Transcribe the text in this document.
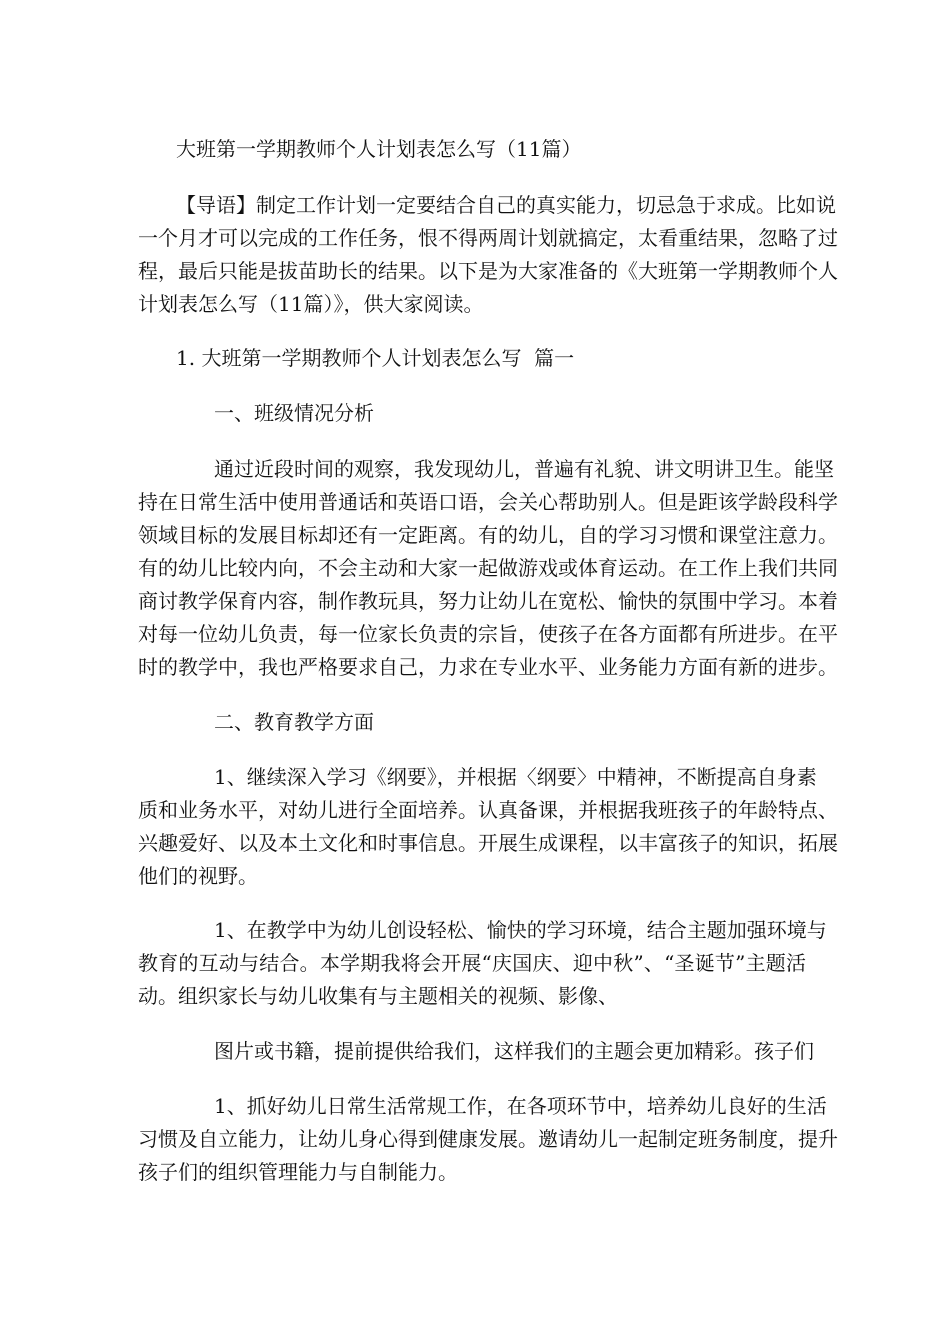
大班第一学期教师个人计划表怎么写（11篇）
【导语】制定工作计划一定要结合自己的真实能力，切忌急于求成。比如说
一个月才可以完成的工作任务，恨不得两周计划就搞定，太看重结果，忽略了过
程，最后只能是拔苗助长的结果。以下是为大家准备的《大班第一学期教师个人
计划表怎么写（11篇）》，供大家阅读。
1. 大班第一学期教师个人计划表怎么写  篇一
一、班级情况分析
通过近段时间的观察，我发现幼儿，普遍有礼貌、讲文明讲卫生。能坚
持在日常生活中使用普通话和英语口语，会关心帮助别人。但是距该学龄段科学
领域目标的发展目标却还有一定距离。有的幼儿，自的学习习惯和课堂注意力。
有的幼儿比较内向，不会主动和大家一起做游戏或体育运动。在工作上我们共同
商讨教学保育内容，制作教玩具，努力让幼儿在宽松、愉快的氛围中学习。本着
对每一位幼儿负责，每一位家长负责的宗旨，使孩子在各方面都有所进步。在平
时的教学中，我也严格要求自己，力求在专业水平、业务能力方面有新的进步。
二、教育教学方面
1、继续深入学习《纲要》，并根据〈纲要〉中精神，不断提高自身素
质和业务水平，对幼儿进行全面培养。认真备课，并根据我班孩子的年龄特点、
兴趣爱好、以及本土文化和时事信息。开展生成课程，以丰富孩子的知识，拓展
他们的视野。
1、在教学中为幼儿创设轻松、愉快的学习环境，结合主题加强环境与
教育的互动与结合。本学期我将会开展“庆国庆、迎中秋”、“圣诞节”主题活
动。组织家长与幼儿收集有与主题相关的视频、影像、
图片或书籍，提前提供给我们，这样我们的主题会更加精彩。孩子们
1、抓好幼儿日常生活常规工作，在各项环节中，培养幼儿良好的生活
习惯及自立能力，让幼儿身心得到健康发展。邀请幼儿一起制定班务制度，提升
孩子们的组织管理能力与自制能力。
